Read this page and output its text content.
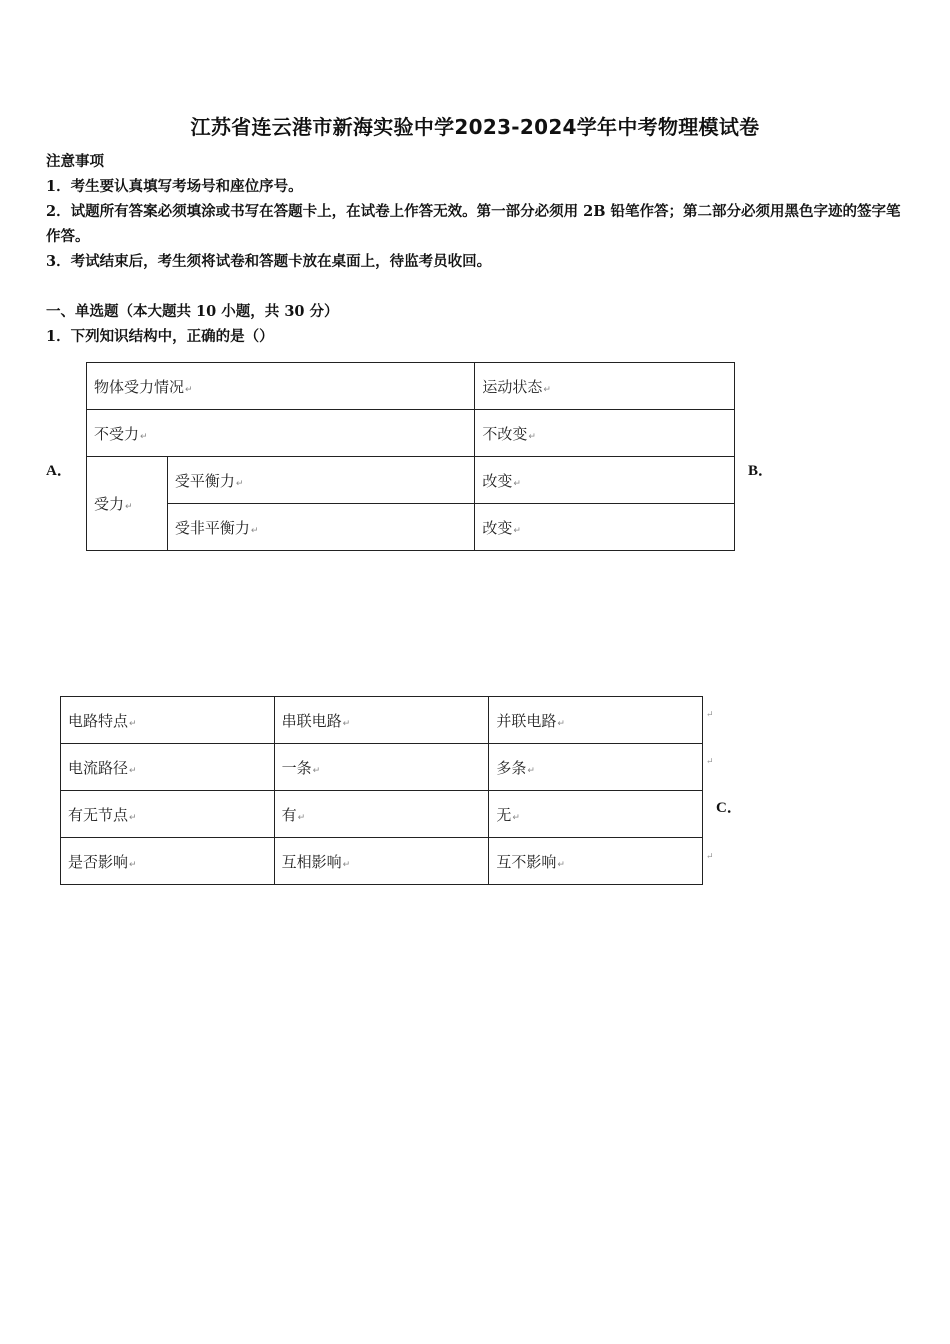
江苏省连云港市新海实验中学2023-2024学年中考物理模试卷
注意事项
1．考生要认真填写考场号和座位序号。
2．试题所有答案必须填涂或书写在答题卡上，在试卷上作答无效。第一部分必须用 2B 铅笔作答；第二部分必须用黑色字迹的签字笔作答。
3．考试结束后，考生须将试卷和答题卡放在桌面上，待监考员收回。
一、单选题（本大题共 10 小题，共 30 分）
1．下列知识结构中，正确的是（）
A．
物体受力情况↵		运动状态↵
不受力↵		不改变↵
受力↵	受平衡力↵	改变↵
	受非平衡力↵	改变↵
B．
电路特点↵	串联电路↵	并联电路↵
电流路径↵	一条↵	多条↵
有无节点↵	有↵	无↵
是否影响↵	互相影响↵	互不影响↵
↵
↵
↵
C．
